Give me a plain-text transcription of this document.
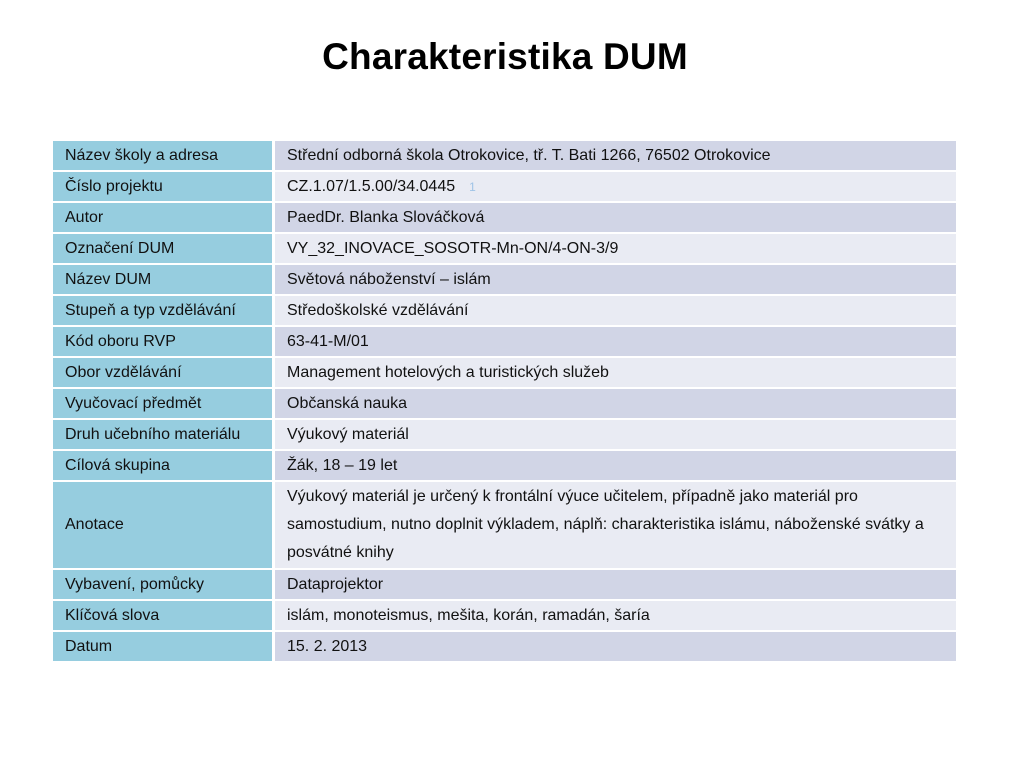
Charakteristika DUM
Název školy a adresa	Střední odborná škola Otrokovice, tř. T. Bati 1266, 76502 Otrokovice
Číslo projektu	CZ.1.07/1.5.00/34.0445 1
Autor	PaedDr. Blanka Slováčková
Označení DUM	VY_32_INOVACE_SOSOTR-Mn-ON/4-ON-3/9
Název DUM	Světová náboženství – islám
Stupeň a typ vzdělávání	Středoškolské vzdělávání
Kód oboru RVP	63-41-M/01
Obor vzdělávání	Management hotelových a turistických služeb
Vyučovací předmět	Občanská nauka
Druh učebního materiálu	Výukový materiál
Cílová skupina	Žák, 18 – 19 let
Anotace	Výukový materiál je určený k frontální výuce učitelem, případně jako materiál pro samostudium, nutno doplnit výkladem, náplň: charakteristika islámu, náboženské svátky a posvátné knihy
Vybavení, pomůcky	Dataprojektor
Klíčová slova	islám, monoteismus, mešita, korán, ramadán, šaría
Datum	15. 2. 2013
